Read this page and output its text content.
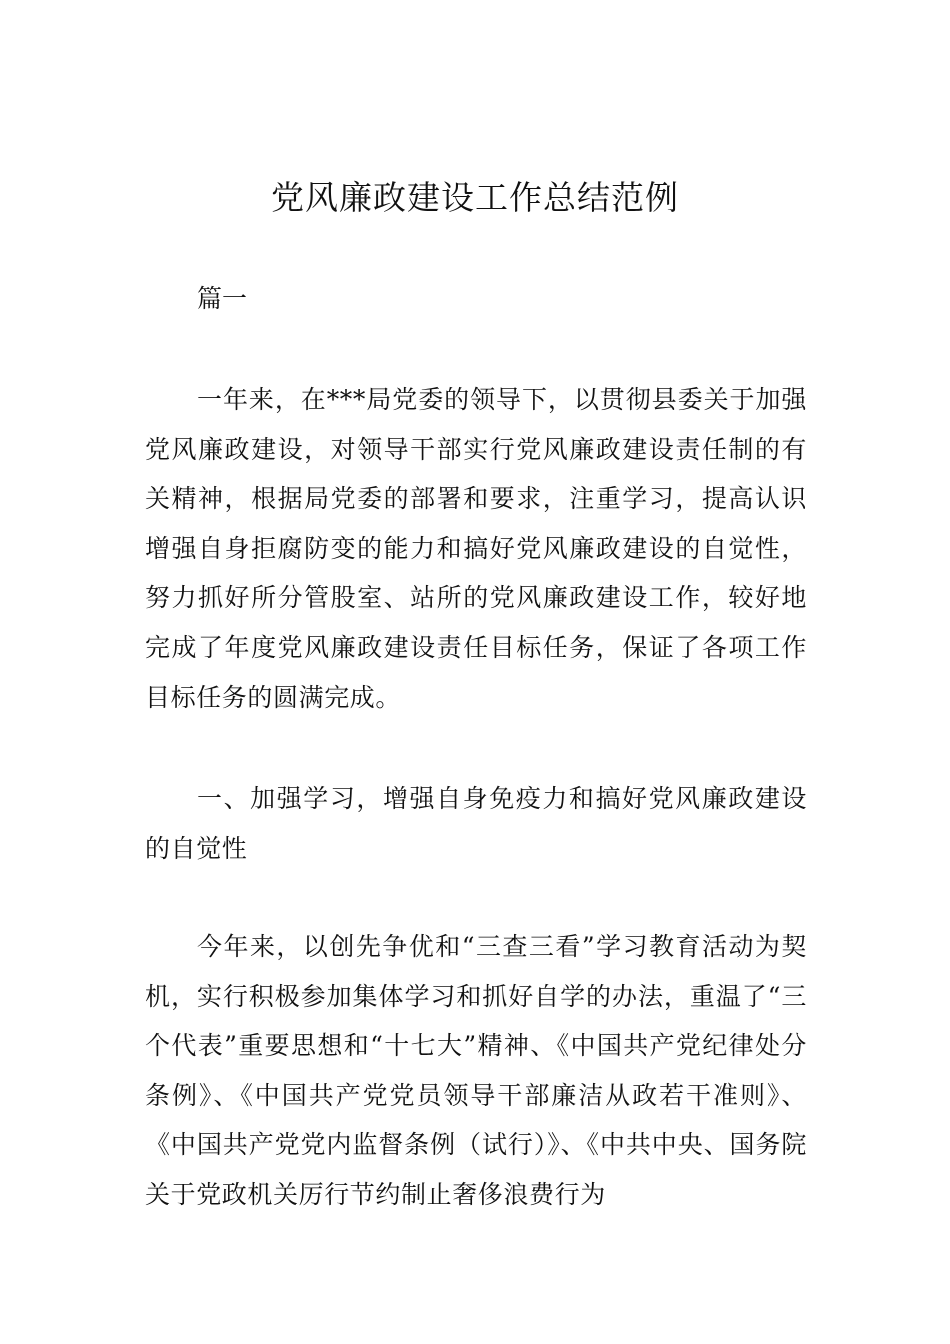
党风廉政建设工作总结范例
篇一
一年来，在***局党委的领导下，以贯彻县委关于加强党风廉政建设，对领导干部实行党风廉政建设责任制的有关精神，根据局党委的部署和要求，注重学习，提高认识增强自身拒腐防变的能力和搞好党风廉政建设的自觉性，努力抓好所分管股室、站所的党风廉政建设工作，较好地完成了年度党风廉政建设责任目标任务，保证了各项工作目标任务的圆满完成。
一、加强学习，增强自身免疫力和搞好党风廉政建设的自觉性
今年来，以创先争优和“三查三看”学习教育活动为契机，实行积极参加集体学习和抓好自学的办法，重温了“三个代表”重要思想和“十七大”精神、《中国共产党纪律处分条例》、《中国共产党党员领导干部廉洁从政若干准则》、《中国共产党党内监督条例（试行）》、《中共中央、国务院关于党政机关厉行节约制止奢侈浪费行为
